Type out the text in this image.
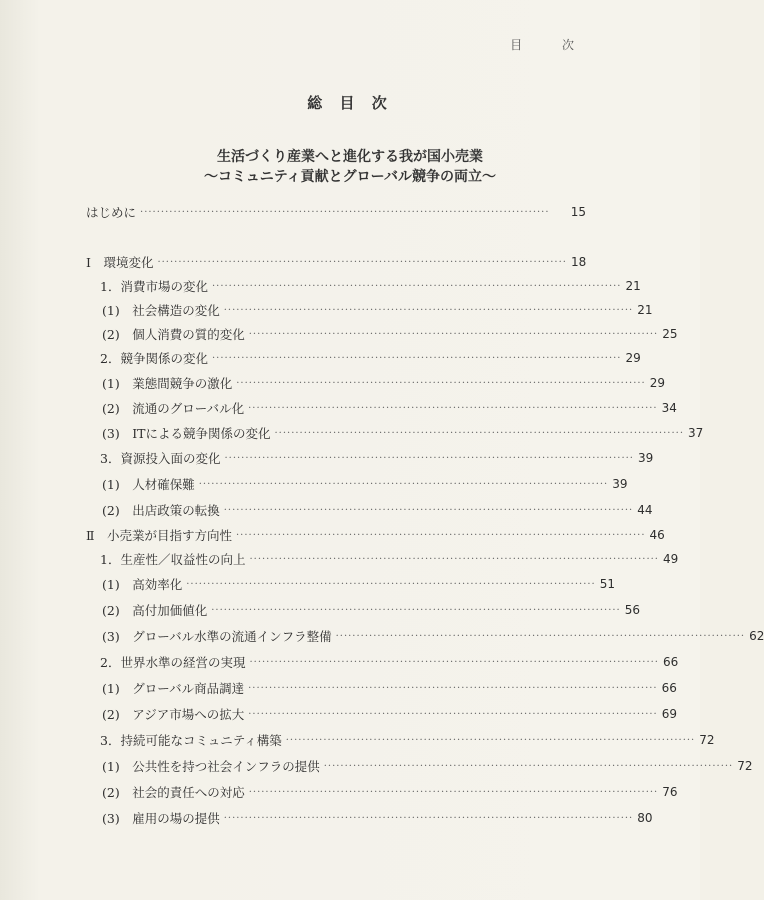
目 次
総 目 次
生活づくり産業へと進化する我が国小売業
〜コミュニティ貢献とグローバル競争の両立〜
はじめに ··································································································	15
Ⅰ　環境変化 ·································································································· 18
1．消費市場の変化 ·································································································· 21
(1)　社会構造の変化 ·································································································· 21
(2)　個人消費の質的変化 ·································································································· 25
2．競争関係の変化 ·································································································· 29
(1)　業態間競争の激化 ·································································································· 29
(2)　流通のグローバル化 ·································································································· 34
(3)　ITによる競争関係の変化 ·································································································· 37
3．資源投入面の変化 ·································································································· 39
(1)　人材確保難 ·································································································· 39
(2)　出店政策の転換 ·································································································· 44
Ⅱ　小売業が目指す方向性 ·································································································· 46
1．生産性／収益性の向上 ·································································································· 49
(1)　高効率化 ·································································································· 51
(2)　高付加価値化 ·································································································· 56
(3)　グローバル水準の流通インフラ整備 ·································································································· 62
2．世界水準の経営の実現 ·································································································· 66
(1)　グローバル商品調達 ·································································································· 66
(2)　アジア市場への拡大 ·································································································· 69
3．持続可能なコミュニティ構築 ·································································································· 72
(1)　公共性を持つ社会インフラの提供 ·································································································· 72
(2)　社会的責任への対応 ·································································································· 76
(3)　雇用の場の提供 ·································································································· 80
